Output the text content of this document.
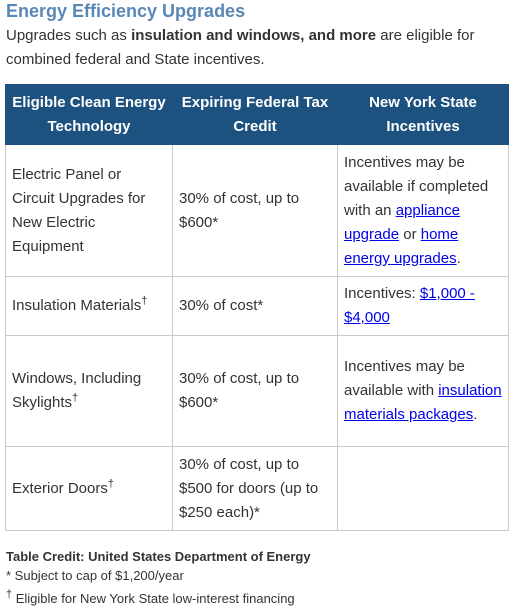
Energy Efficiency Upgrades
Upgrades such as insulation and windows, and more are eligible for combined federal and State incentives.
Eligible Clean Energy Technology	Expiring Federal Tax Credit	New York State Incentives
Electric Panel or Circuit Upgrades for New Electric Equipment	30% of cost, up to $600*	Incentives may be available if completed with an appliance upgrade or home energy upgrades.
Insulation Materials†	30% of cost*	Incentives: $1,000 - $4,000
Windows, Including Skylights†	30% of cost, up to $600*	Incentives may be available with insulation materials packages.
Exterior Doors†	30% of cost, up to $500 for doors (up to $250 each)*	
Table Credit: United States Department of Energy
* Subject to cap of $1,200/year
† Eligible for New York State low-interest financing
